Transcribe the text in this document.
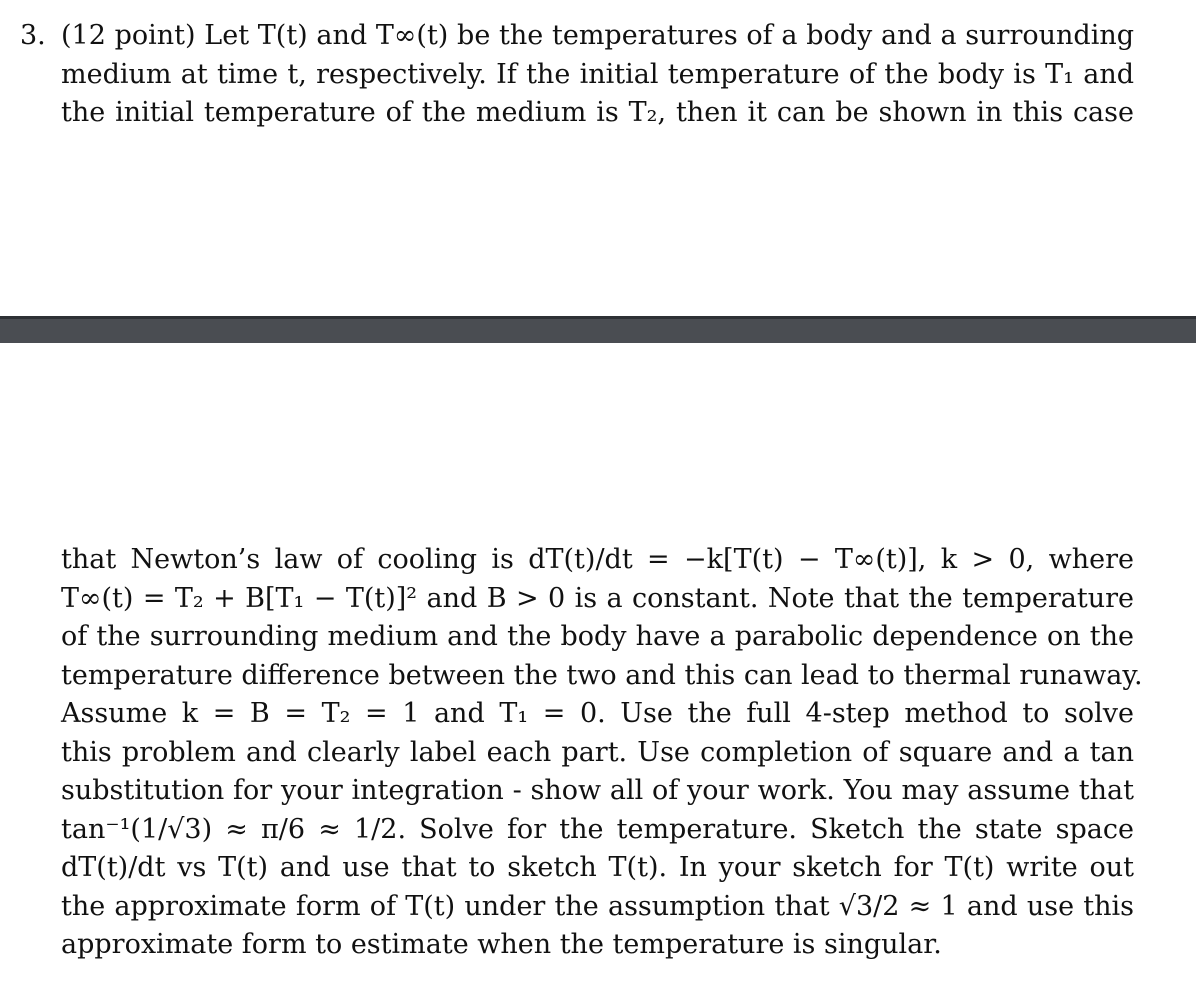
3. (12 point) Let T(t) and T∞(t) be the temperatures of a body and a surrounding
medium at time t, respectively. If the initial temperature of the body is T₁ and
the initial temperature of the medium is T₂, then it can be shown in this case
that Newton’s law of cooling is dT(t)/dt = −k[T(t) − T∞(t)], k > 0, where
T∞(t) = T₂ + B[T₁ − T(t)]² and B > 0 is a constant. Note that the temperature
of the surrounding medium and the body have a parabolic dependence on the
temperature difference between the two and this can lead to thermal runaway.
Assume k = B = T₂ = 1 and T₁ = 0. Use the full 4-step method to solve
this problem and clearly label each part. Use completion of square and a tan
substitution for your integration - show all of your work. You may assume that
tan⁻¹(1/√3) ≈ π/6 ≈ 1/2. Solve for the temperature. Sketch the state space
dT(t)/dt vs T(t) and use that to sketch T(t). In your sketch for T(t) write out
the approximate form of T(t) under the assumption that √3/2 ≈ 1 and use this
approximate form to estimate when the temperature is singular.
